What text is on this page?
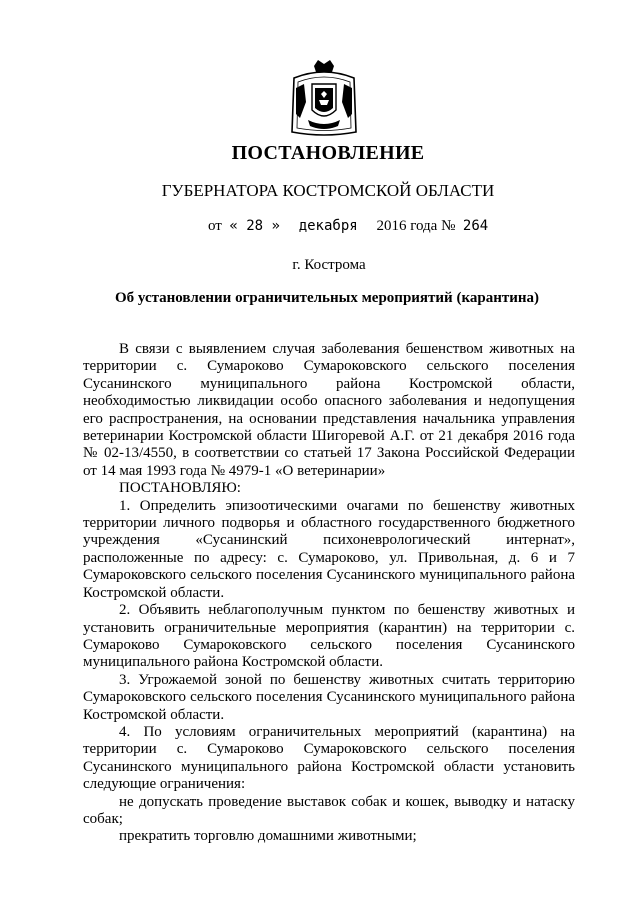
ПОСТАНОВЛЕНИЕ
ГУБЕРНАТОРА КОСТРОМСКОЙ ОБЛАСТИ
от « 28 » декабря 2016 года № 264
г. Кострома
Об установлении ограничительных мероприятий (карантина)

В связи с выявлением случая заболевания бешенством животных на территории с. Сумароково Сумароковского сельского поселения Сусанинского муниципального района Костромской области, необходимостью ликвидации особо опасного заболевания и недопущения его распространения, на основании представления начальника управления ветеринарии Костромской области Шигоревой А.Г. от 21 декабря 2016 года № 02-13/4550, в соответствии со статьей 17 Закона Российской Федерации от 14 мая 1993 года № 4979-1 «О ветеринарии»

ПОСТАНОВЛЯЮ:

1. Определить эпизоотическими очагами по бешенству животных территории личного подворья и областного государственного бюджетного учреждения «Сусанинский психоневрологический интернат», расположенные по адресу: с. Сумароково, ул. Привольная, д. 6 и 7 Сумароковского сельского поселения Сусанинского муниципального района Костромской области.

2. Объявить неблагополучным пунктом по бешенству животных и установить ограничительные мероприятия (карантин) на территории с. Сумароково Сумароковского сельского поселения Сусанинского муниципального района Костромской области.

3. Угрожаемой зоной по бешенству животных считать территорию Сумароковского сельского поселения Сусанинского муниципального района Костромской области.

4. По условиям ограничительных мероприятий (карантина) на территории с. Сумароково Сумароковского сельского поселения Сусанинского муниципального района Костромской области установить следующие ограничения:

не допускать проведение выставок собак и кошек, выводку и натаску собак;

прекратить торговлю домашними животными;
